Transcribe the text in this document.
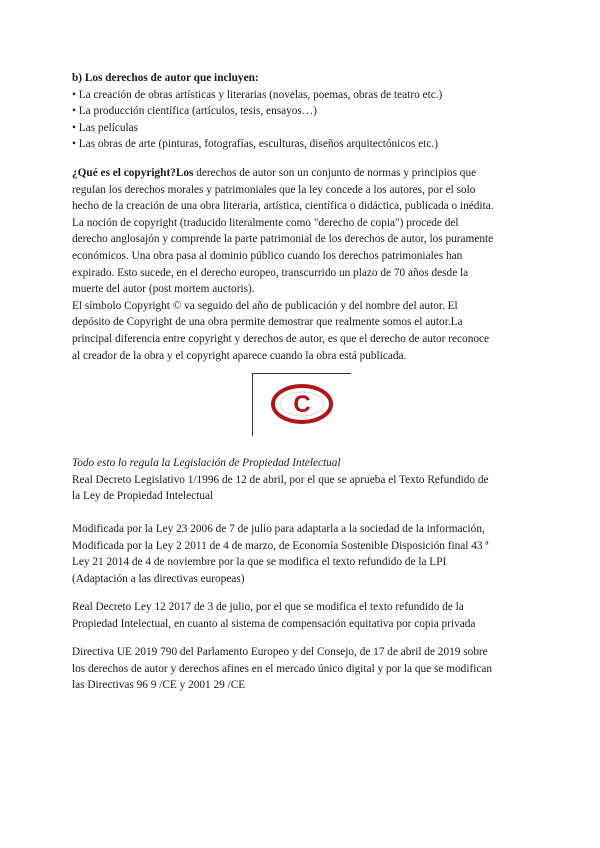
b) Los derechos de autor que incluyen:
• La creación de obras artísticas y literarias (novelas, poemas, obras de teatro etc.)
• La producción científica (artículos, tesis, ensayos…)
• Las películas
• Las obras de arte (pinturas, fotografías, esculturas, diseños arquitectónicos etc.)
¿Qué es el copyright?Los derechos de autor son un conjunto de normas y principios que
regulan los derechos morales y patrimoniales que la ley concede a los autores, por el solo
hecho de la creación de una obra literaria, artística, científica o didáctica, publicada o inédita.
La noción de copyright (traducido literalmente como "derecho de copia") procede del
derecho anglosajón y comprende la parte patrimonial de los derechos de autor, los puramente
económicos. Una obra pasa al dominio público cuando los derechos patrimoniales han
expirado. Esto sucede, en el derecho europeo, transcurrido un plazo de 70 años desde la
muerte del autor (post mortem auctoris).
El símbolo Copyright © va seguido del año de publicación y del nombre del autor. El
depósito de Copyright de una obra permite demostrar que realmente somos el autor.La
principal diferencia entre copyright y derechos de autor, es que el derecho de autor reconoce
al creador de la obra y el copyright aparece cuando la obra está publicada.
C
Todo esto lo regula la Legislación de Propiedad Intelectual
Real Decreto Legislativo 1/1996 de 12 de abril, por el que se aprueba el Texto Refundido de
la Ley de Propiedad Intelectual
Modificada por la Ley 23 2006 de 7 de julio para adaptarla a la sociedad de la información,
Modificada por la Ley 2 2011 de 4 de marzo, de Economía Sostenible Disposición final 43 ª
Ley 21 2014 de 4 de noviembre por la que se modifica el texto refundido de la LPI
(Adaptación a las directivas europeas)
Real Decreto Ley 12 2017 de 3 de julio, por el que se modifica el texto refundido de la
Propiedad Intelectual, en cuanto al sistema de compensación equitativa por copia privada
Directiva UE 2019 790 del Parlamento Europeo y del Consejo, de 17 de abril de 2019 sobre
los derechos de autor y derechos afines en el mercado único digital y por la que se modifican
las Directivas 96 9 /CE y 2001 29 /CE
